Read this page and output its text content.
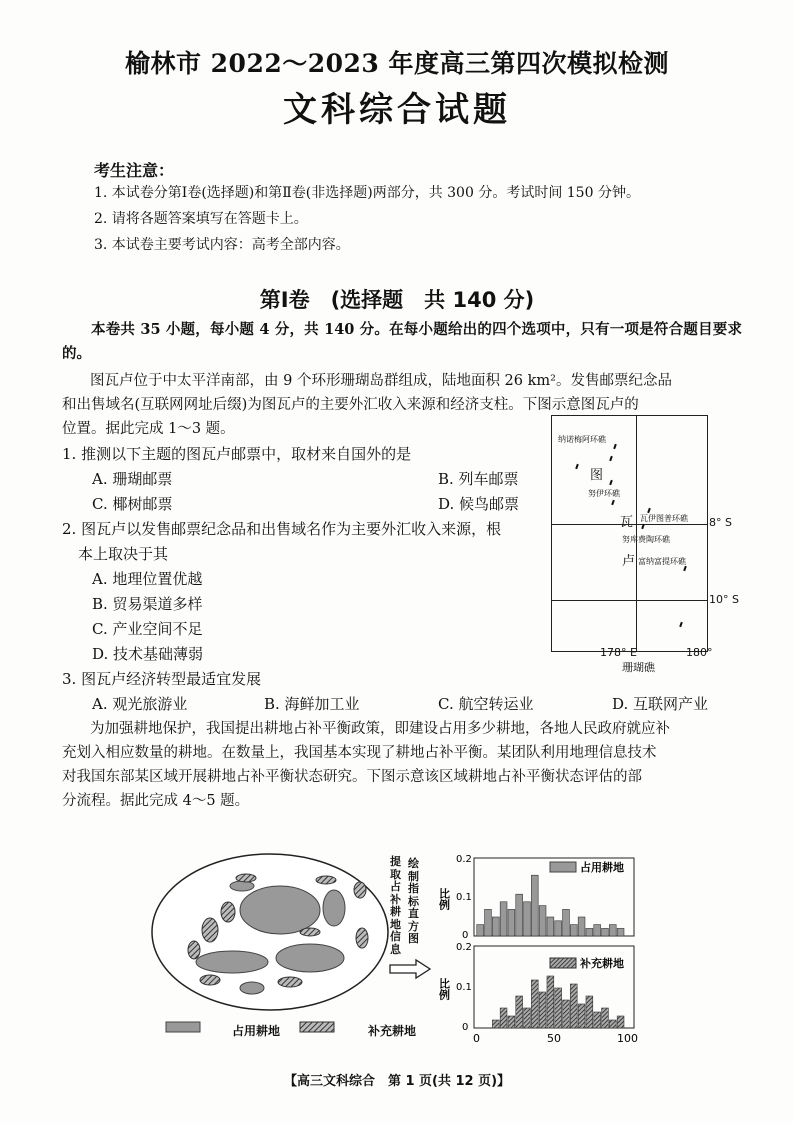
榆林市 2022～2023 年度高三第四次模拟检测
文科综合试题
考生注意：
1. 本试卷分第Ⅰ卷(选择题)和第Ⅱ卷(非选择题)两部分，共 300 分。考试时间 150 分钟。
2. 请将各题答案填写在答题卡上。
3. 本试卷主要考试内容：高考全部内容。
第Ⅰ卷　(选择题　共 140 分)
本卷共 35 小题，每小题 4 分，共 140 分。在每小题给出的四个选项中，只有一项是符合题目要求的。
图瓦卢位于中太平洋南部，由 9 个环形珊瑚岛群组成，陆地面积 26 km²。发售邮票纪念品
和出售域名(互联网网址后缀)为图瓦卢的主要外汇收入来源和经济支柱。下图示意图瓦卢的
位置。据此完成 1～3 题。
1. 推测以下主题的图瓦卢邮票中，取材来自国外的是
A. 珊瑚邮票	B. 列车邮票
C. 椰树邮票	D. 候鸟邮票
2. 图瓦卢以发售邮票纪念品和出售域名作为主要外汇收入来源，根
本上取决于其
A. 地理位置优越
B. 贸易渠道多样
C. 产业空间不足
D. 技术基础薄弱
纳诺梅阿环礁
图
努伊环礁
瓦 瓦伊图普环礁
努库费陶环礁
卢 富纳富提环礁
8° S
10° S
178° E	180°
珊瑚礁
3. 图瓦卢经济转型最适宜发展
A. 观光旅游业	B. 海鲜加工业	C. 航空转运业	D. 互联网产业
为加强耕地保护，我国提出耕地占补平衡政策，即建设占用多少耕地，各地人民政府就应补
充划入相应数量的耕地。在数量上，我国基本实现了耕地占补平衡。某团队利用地理信息技术
对我国东部某区域开展耕地占补平衡状态研究。下图示意该区域耕地占补平衡状态评估的部
分流程。据此完成 4～5 题。
占用耕地	补充耕地
提取占补耕地信息
绘制指标直方图
0.2
0.1
0
比例
占用耕地
0.2
0.1
0
比例
补充耕地
0	50	100
【高三文科综合　第 1 页(共 12 页)】
